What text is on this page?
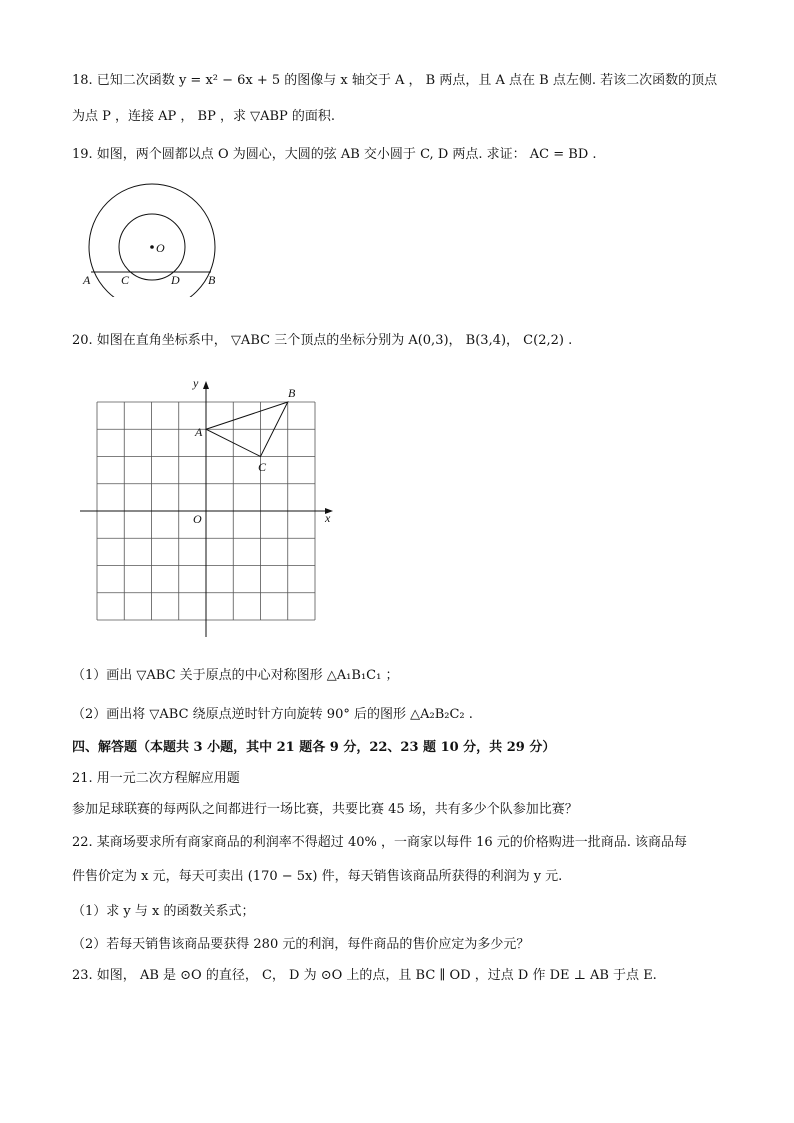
18. 已知二次函数 y = x² − 6x + 5 的图像与 x 轴交于 A ， B 两点，且 A 点在 B 点左侧. 若该二次函数的顶点
为点 P ，连接 AP ， BP ，求 ▽ABP 的面积.
19. 如图，两个圆都以点 O 为圆心，大圆的弦 AB 交小圆于 C, D 两点. 求证： AC = BD .
O
A	C	D B
20. 如图在直角坐标系中， ▽ABC 三个顶点的坐标分别为 A(0,3)， B(3,4)， C(2,2) .
y
x
O
A
B
C
（1）画出 ▽ABC 关于原点的中心对称图形 △A₁B₁C₁ ；
（2）画出将 ▽ABC 绕原点逆时针方向旋转 90° 后的图形 △A₂B₂C₂ .
四、解答题（本题共 3 小题，其中 21 题各 9 分，22、23 题 10 分，共 29 分）
21. 用一元二次方程解应用题
参加足球联赛的每两队之间都进行一场比赛，共要比赛 45 场，共有多少个队参加比赛？
22. 某商场要求所有商家商品的利润率不得超过 40% ，一商家以每件 16 元的价格购进一批商品. 该商品每
件售价定为 x 元，每天可卖出 (170 − 5x) 件，每天销售该商品所获得的利润为 y 元.
（1）求 y 与 x 的函数关系式；
（2）若每天销售该商品要获得 280 元的利润，每件商品的售价应定为多少元？
23. 如图， AB 是 ⊙O 的直径， C， D 为 ⊙O 上的点，且 BC ∥ OD ，过点 D 作 DE ⊥ AB 于点 E.
